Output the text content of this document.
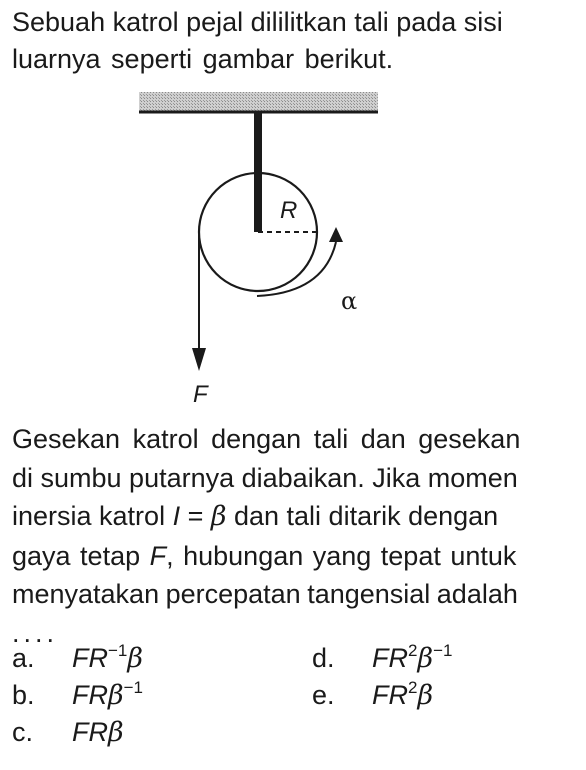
Sebuah katrol pejal dililitkan tali pada sisi
luarnya seperti gambar berikut.

R
α
F

Gesekan katrol dengan tali dan gesekan
di sumbu putarnya diabaikan. Jika momen
inersia katrol I = β dan tali ditarik dengan
gaya tetap F, hubungan yang tepat untuk
menyatakan percepatan tangensial adalah
....

a. $FR^{-1}\beta$
b. FRβ$^{-1}$
c. FRβ
d. $FR^2\beta^{-1}$
e. $FR^2\beta$
